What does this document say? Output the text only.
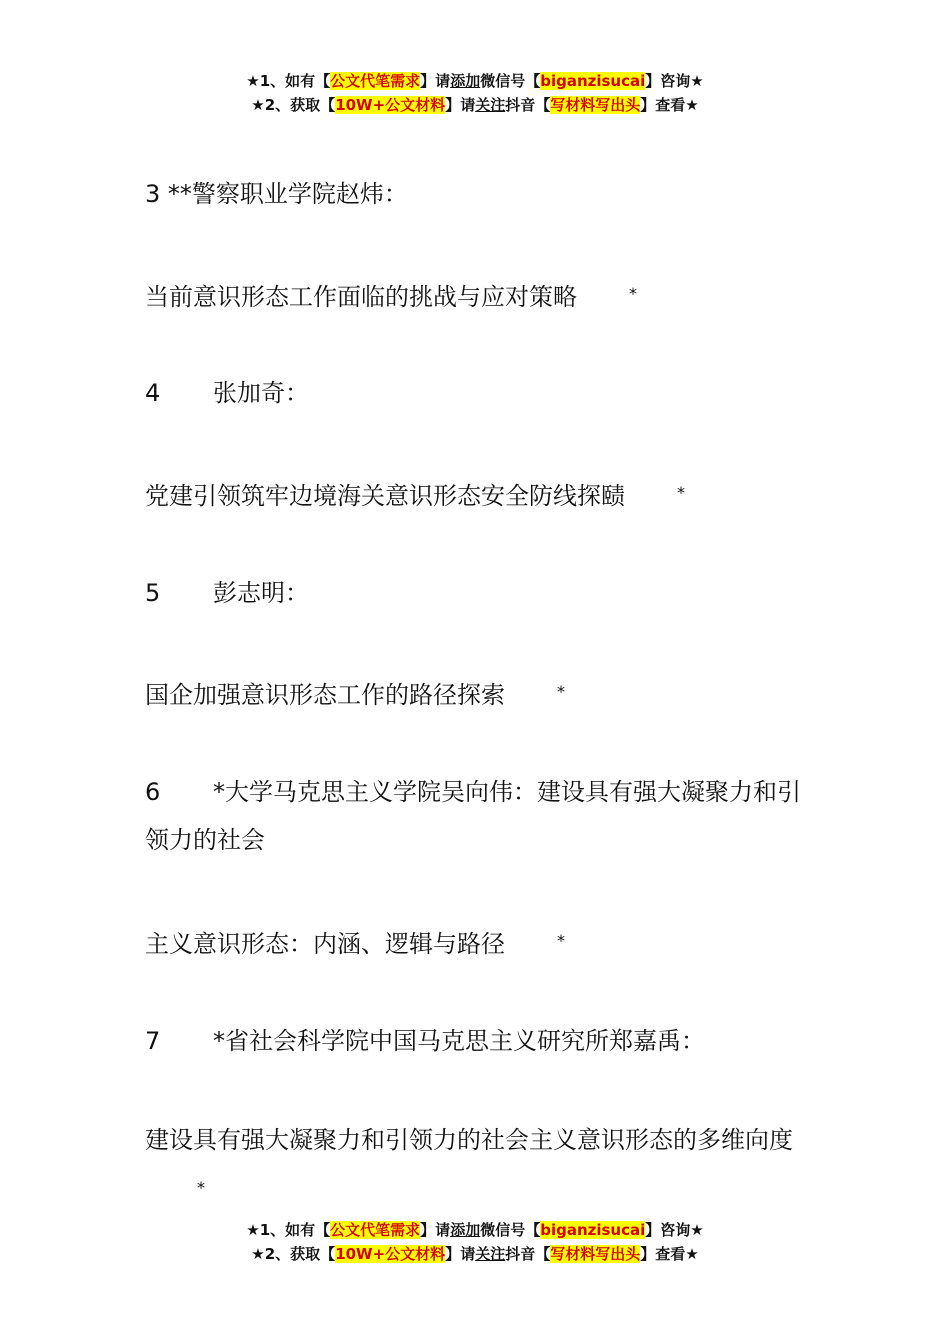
★1、如有【公文代笔需求】请添加微信号【biganzisucai】咨询★
★2、获取【10W+公文材料】请关注抖音【写材料写出头】查看★
3 **警察职业学院赵炜：
当前意识形态工作面临的挑战与应对策略	*
4 张加奇：
党建引领筑牢边境海关意识形态安全防线探赜	*
5 彭志明：
国企加强意识形态工作的路径探索	*
6 *大学马克思主义学院吴向伟：建设具有强大凝聚力和引领力的社会
主义意识形态：内涵、逻辑与路径	*
7 *省社会科学院中国马克思主义研究所郑嘉禹：
建设具有强大凝聚力和引领力的社会主义意识形态的多维向度*
★1、如有【公文代笔需求】请添加微信号【biganzisucai】咨询★
★2、获取【10W+公文材料】请关注抖音【写材料写出头】查看★
